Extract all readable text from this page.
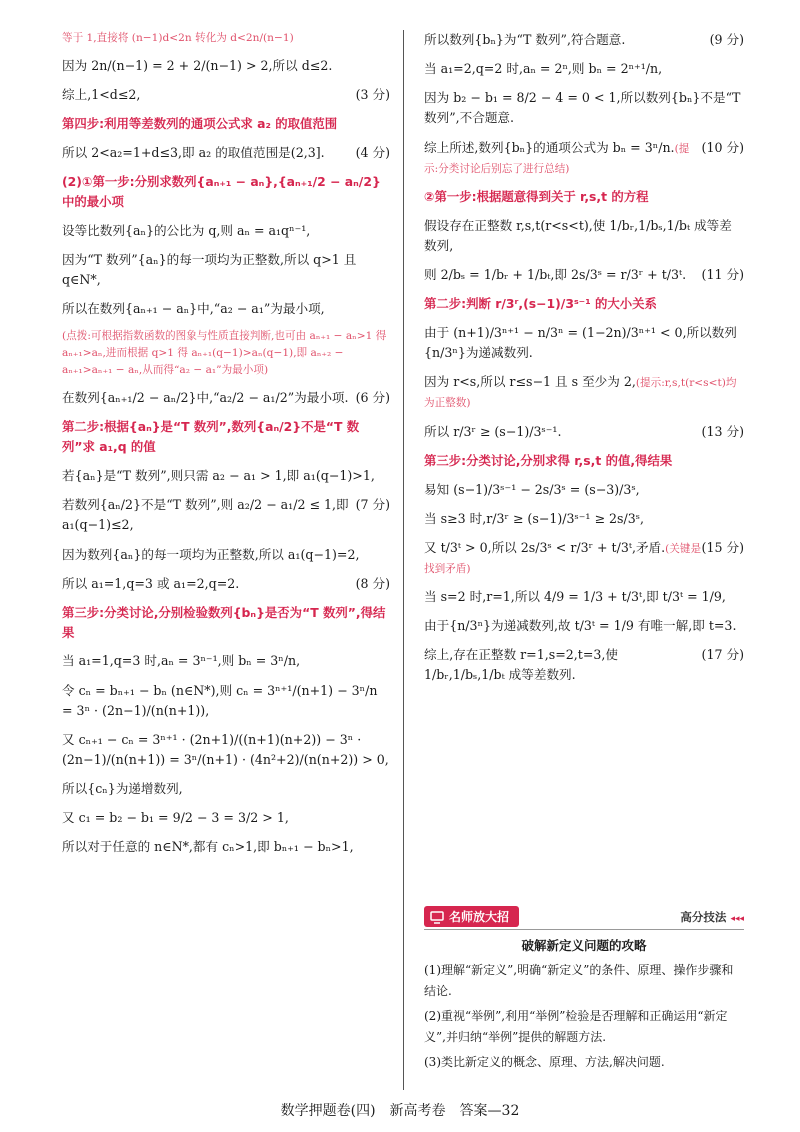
等于 1,直接将 (n−1)d<2n 转化为 d<2n/(n−1)

因为 2n/(n−1) = 2 + 2/(n−1) > 2,所以 d≤2.

(3 分)
综上,1<d≤2,

第四步:利用等差数列的通项公式求 a₂ 的取值范围

(4 分)
所以 2<a₂=1+d≤3,即 a₂ 的取值范围是(2,3].

(2)①第一步:分别求数列{aₙ₊₁ − aₙ},{aₙ₊₁/2 − aₙ/2}中的最小项

设等比数列{aₙ}的公比为 q,则 aₙ = a₁qⁿ⁻¹,

因为“T 数列”{aₙ}的每一项均为正整数,所以 q>1 且 q∈N*,

所以在数列{aₙ₊₁ − aₙ}中,“a₂ − a₁”为最小项,

(点拨:可根据指数函数的图象与性质直接判断,也可由 aₙ₊₁ − aₙ>1 得 aₙ₊₁>aₙ,进而根据 q>1 得 aₙ₊₁(q−1)>aₙ(q−1),即 aₙ₊₂ − aₙ₊₁>aₙ₊₁ − aₙ,从而得“a₂ − a₁”为最小项)

(6 分)
在数列{aₙ₊₁/2 − aₙ/2}中,“a₂/2 − a₁/2”为最小项.

第二步:根据{aₙ}是“T 数列”,数列{aₙ/2}不是“T 数列”求 a₁,q 的值

若{aₙ}是“T 数列”,则只需 a₂ − a₁ > 1,即 a₁(q−1)>1,

(7 分)
若数列{aₙ/2}不是“T 数列”,则 a₂/2 − a₁/2 ≤ 1,即 a₁(q−1)≤2,

因为数列{aₙ}的每一项均为正整数,所以 a₁(q−1)=2,

(8 分)
所以 a₁=1,q=3 或 a₁=2,q=2.

第三步:分类讨论,分别检验数列{bₙ}是否为“T 数列”,得结果

当 a₁=1,q=3 时,aₙ = 3ⁿ⁻¹,则 bₙ = 3ⁿ/n,

令 cₙ = bₙ₊₁ − bₙ (n∈N*),则 cₙ = 3ⁿ⁺¹/(n+1) − 3ⁿ/n = 3ⁿ · (2n−1)/(n(n+1)),

又 cₙ₊₁ − cₙ = 3ⁿ⁺¹ · (2n+1)/((n+1)(n+2)) − 3ⁿ · (2n−1)/(n(n+1)) = 3ⁿ/(n+1) · (4n²+2)/(n(n+2)) > 0,

所以{cₙ}为递增数列,

又 c₁ = b₂ − b₁ = 9/2 − 3 = 3/2 > 1,

所以对于任意的 n∈N*,都有 cₙ>1,即 bₙ₊₁ − bₙ>1,

(9 分)
所以数列{bₙ}为“T 数列”,符合题意.

当 a₁=2,q=2 时,aₙ = 2ⁿ,则 bₙ = 2ⁿ⁺¹/n,

因为 b₂ − b₁ = 8/2 − 4 = 0 < 1,所以数列{bₙ}不是“T 数列”,不合题意.

(10 分)
综上所述,数列{bₙ}的通项公式为 bₙ = 3ⁿ/n.(提示:分类讨论后别忘了进行总结)

②第一步:根据题意得到关于 r,s,t 的方程

假设存在正整数 r,s,t(r<s<t),使 1/bᵣ,1/bₛ,1/bₜ 成等差数列,

(11 分)
则 2/bₛ = 1/bᵣ + 1/bₜ,即 2s/3ˢ = r/3ʳ + t/3ᵗ.

第二步:判断 r/3ʳ,(s−1)/3ˢ⁻¹ 的大小关系

由于 (n+1)/3ⁿ⁺¹ − n/3ⁿ = (1−2n)/3ⁿ⁺¹ < 0,所以数列{n/3ⁿ}为递减数列.

因为 r<s,所以 r≤s−1 且 s 至少为 2,(提示:r,s,t(r<s<t)均为正整数)

(13 分)
所以 r/3ʳ ≥ (s−1)/3ˢ⁻¹.

第三步:分类讨论,分别求得 r,s,t 的值,得结果

易知 (s−1)/3ˢ⁻¹ − 2s/3ˢ = (s−3)/3ˢ,

当 s≥3 时,r/3ʳ ≥ (s−1)/3ˢ⁻¹ ≥ 2s/3ˢ,

(15 分)
又 t/3ᵗ > 0,所以 2s/3ˢ < r/3ʳ + t/3ᵗ,矛盾.(关键是找到矛盾)

当 s=2 时,r=1,所以 4/9 = 1/3 + t/3ᵗ,即 t/3ᵗ = 1/9,

由于{n/3ⁿ}为递减数列,故 t/3ᵗ = 1/9 有唯一解,即 t=3.

(17 分)
综上,存在正整数 r=1,s=2,t=3,使 1/bᵣ,1/bₛ,1/bₜ 成等差数列.

名师放大招	高分技法 ◂◂◂
破解新定义问题的攻略

(1)理解“新定义”,明确“新定义”的条件、原理、操作步骤和结论.

(2)重视“举例”,利用“举例”检验是否理解和正确运用“新定义”,并归纳“举例”提供的解题方法.

(3)类比新定义的概念、原理、方法,解决问题.

数学押题卷(四)　新高考卷　答案—32
